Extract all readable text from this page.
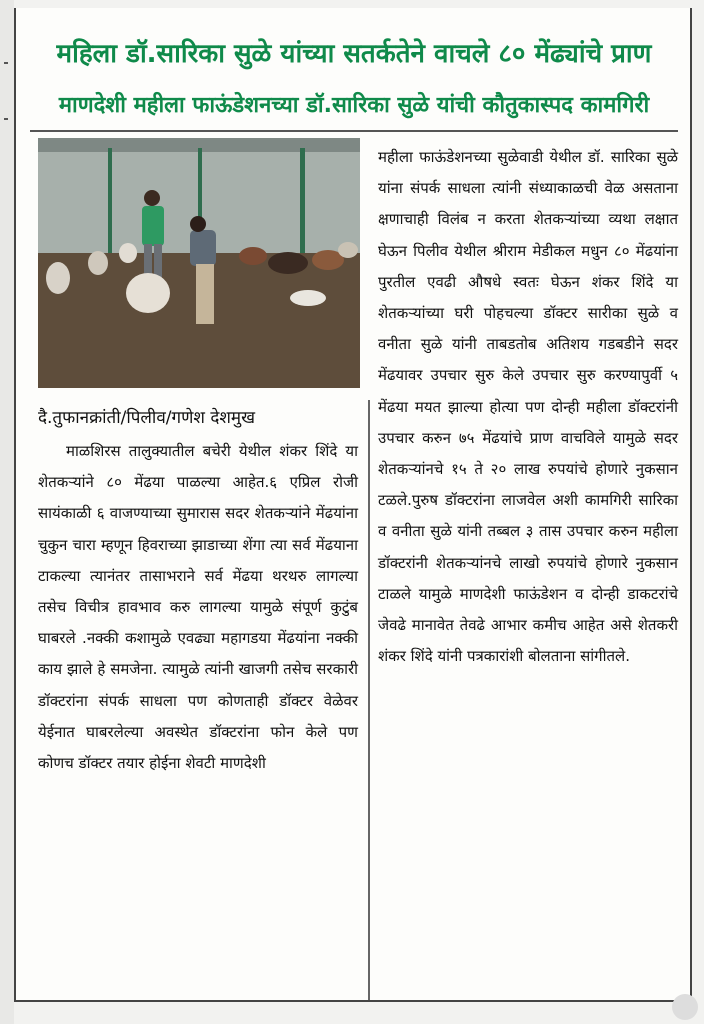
महिला डॉ.सारिका सुळे यांच्या सतर्कतेने वाचले ८० मेंढ्यांचे प्राण
माणदेशी महीला फाऊंडेशनच्या डॉ.सारिका सुळे यांची कौतुकास्पद कामगिरी
दै.तुफानक्रांती/पिलीव/गणेश देशमुख

माळशिरस तालुक्यातील बचेरी येथील शंकर शिंदे या शेतकऱ्यांने ८० मेंढया पाळल्या आहेत.६ एप्रिल रोजी सायंकाळी ६ वाजण्याच्या सुमारास सदर शेतकऱ्यांने मेंढयांना चुकुन चारा म्हणून हिवराच्या झाडाच्या शेंगा त्या सर्व मेंढयाना टाकल्या त्यानंतर तासाभराने सर्व मेंढया थरथरु लागल्या तसेच विचीत्र हावभाव करु लागल्या यामुळे संपूर्ण कुटुंब घाबरले .नक्की कशामुळे एवढ्या महागडया मेंढयांना नक्की काय झाले हे समजेना. त्यामुळे त्यांनी खाजगी तसेच सरकारी डॉक्टरांना संपर्क साधला पण कोणताही डॉक्टर वेळेवर येईनात घाबरलेल्या अवस्थेत डॉक्टरांना फोन केले पण कोणच डॉक्टर तयार होईना शेवटी माणदेशी

महीला फाऊंडेशनच्या सुळेवाडी येथील डॉ. सारिका सुळे यांना संपर्क साधला त्यांनी संध्याकाळची वेळ असताना क्षणाचाही विलंब न करता शेतकऱ्यांच्या व्यथा लक्षात घेऊन पिलीव येथील श्रीराम मेडीकल मधुन ८० मेंढयांना पुरतील एवढी औषधे स्वतः घेऊन शंकर शिंदे या शेतकऱ्यांच्या घरी पोहचल्या डॉक्टर सारीका सुळे व वनीता सुळे यांनी ताबडतोब अतिशय गडबडीने सदर मेंढयावर उपचार सुरु केले उपचार सुरु करण्यापुर्वी ५ मेंढया मयत झाल्या होत्या पण दोन्ही महीला डॉक्टरांनी उपचार करुन ७५ मेंढयांचे प्राण वाचविले यामुळे सदर शेतकऱ्यांनचे १५ ते २० लाख रुपयांचे होणारे नुकसान टळले.पुरुष डॉक्टरांना लाजवेल अशी कामगिरी सारिका व वनीता सुळे यांनी तब्बल ३ तास उपचार करुन महीला डॉक्टरांनी शेतकऱ्यांनचे लाखो रुपयांचे होणारे नुकसान टाळले यामुळे माणदेशी फाऊंडेशन व दोन्ही डाकटरांचे जेवढे मानावेत तेवढे आभार कमीच आहेत असे शेतकरी शंकर शिंदे यांनी पत्रकारांशी बोलताना सांगीतले.
